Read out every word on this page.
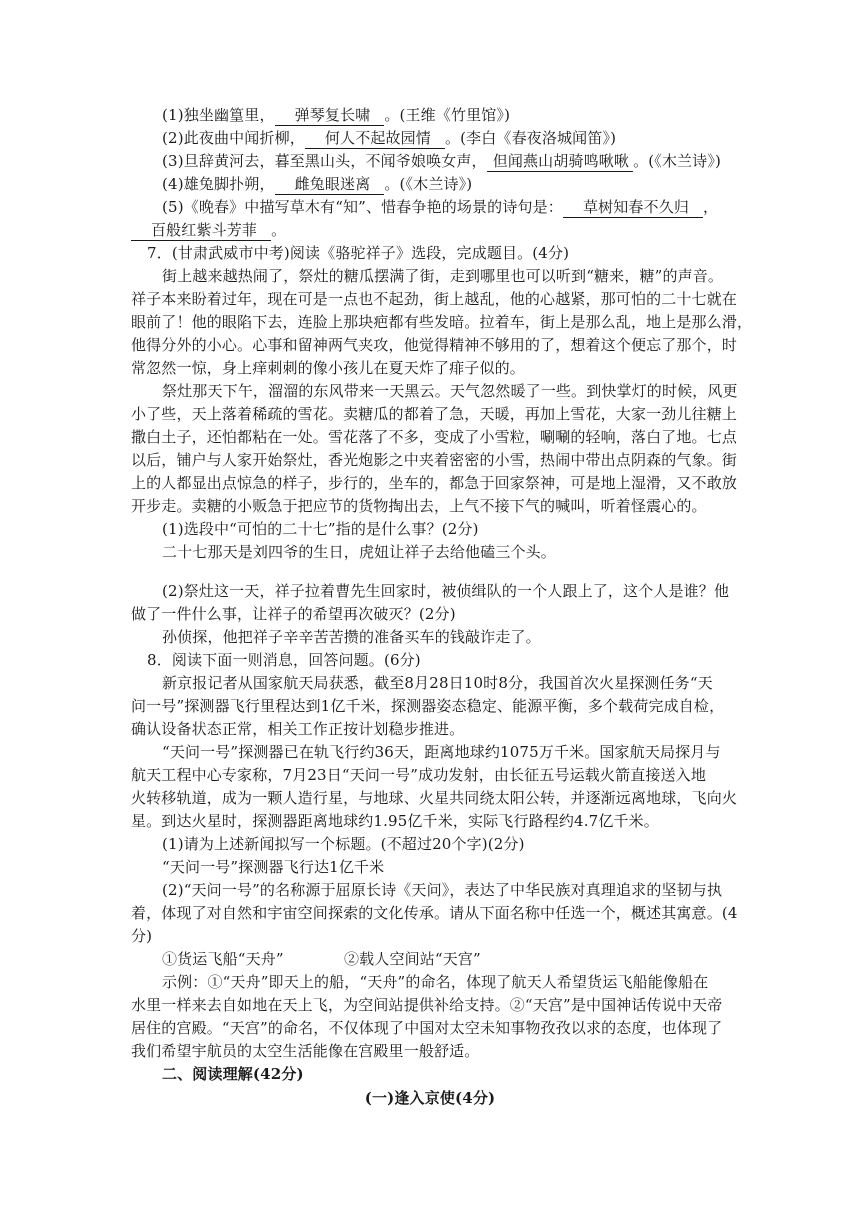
(1)独坐幽篁里， 弹琴复长啸 。(王维《竹里馆》)
(2)此夜曲中闻折柳， 何人不起故园情 。(李白《春夜洛城闻笛》)
(3)旦辞黄河去，暮至黑山头，不闻爷娘唤女声， 但闻燕山胡骑鸣啾啾 。(《木兰诗》)
(4)雄兔脚扑朔， 雌兔眼迷离 。(《木兰诗》)
(5)《晚春》中描写草木有“知”、惜春争艳的场景的诗句是： 草树知春不久归 ，
百般红紫斗芳菲 。
7．(甘肃武威市中考)阅读《骆驼祥子》选段，完成题目。(4分)
街上越来越热闹了，祭灶的糖瓜摆满了街，走到哪里也可以听到“糖来，糖”的声音。
祥子本来盼着过年，现在可是一点也不起劲，街上越乱，他的心越紧，那可怕的二十七就在
眼前了！他的眼陷下去，连脸上那块疤都有些发暗。拉着车，街上是那么乱，地上是那么滑，
他得分外的小心。心事和留神两气夹攻，他觉得精神不够用的了，想着这个便忘了那个，时
常忽然一惊，身上痒刺刺的像小孩儿在夏天炸了痱子似的。
祭灶那天下午，溜溜的东风带来一天黑云。天气忽然暖了一些。到快掌灯的时候，风更
小了些，天上落着稀疏的雪花。卖糖瓜的都着了急，天暖，再加上雪花，大家一劲儿往糖上
撒白土子，还怕都粘在一处。雪花落了不多，变成了小雪粒，唰唰的轻响，落白了地。七点
以后，铺户与人家开始祭灶，香光炮影之中夹着密密的小雪，热闹中带出点阴森的气象。街
上的人都显出点惊急的样子，步行的，坐车的，都急于回家祭神，可是地上湿滑，又不敢放
开步走。卖糖的小贩急于把应节的货物掏出去，上气不接下气的喊叫，听着怪震心的。
(1)选段中“可怕的二十七”指的是什么事？(2分)
二十七那天是刘四爷的生日，虎妞让祥子去给他磕三个头。
(2)祭灶这一天，祥子拉着曹先生回家时，被侦缉队的一个人跟上了，这个人是谁？他
做了一件什么事，让祥子的希望再次破灭？(2分)
孙侦探，他把祥子辛辛苦苦攒的准备买车的钱敲诈走了。
8．阅读下面一则消息，回答问题。(6分)
新京报记者从国家航天局获悉，截至8月28日10时8分，我国首次火星探测任务“天
问一号”探测器飞行里程达到1亿千米，探测器姿态稳定、能源平衡，多个载荷完成自检，
确认设备状态正常，相关工作正按计划稳步推进。
“天问一号”探测器已在轨飞行约36天，距离地球约1075万千米。国家航天局探月与
航天工程中心专家称，7月23日“天问一号”成功发射，由长征五号运载火箭直接送入地
火转移轨道，成为一颗人造行星，与地球、火星共同绕太阳公转，并逐渐远离地球，飞向火
星。到达火星时，探测器距离地球约1.95亿千米，实际飞行路程约4.7亿千米。
(1)请为上述新闻拟写一个标题。(不超过20个字)(2分)
“天问一号”探测器飞行达1亿千米
(2)“天问一号”的名称源于屈原长诗《天问》，表达了中华民族对真理追求的坚韧与执
着，体现了对自然和宇宙空间探索的文化传承。请从下面名称中任选一个，概述其寓意。(4
分)
①货运飞船“天舟”	②载人空间站“天宫”
示例：①“天舟”即天上的船，“天舟”的命名，体现了航天人希望货运飞船能像船在
水里一样来去自如地在天上飞，为空间站提供补给支持。②“天宫”是中国神话传说中天帝
居住的宫殿。“天宫”的命名，不仅体现了中国对太空未知事物孜孜以求的态度，也体现了
我们希望宇航员的太空生活能像在宫殿里一般舒适。
二、阅读理解(42分)
(一)逢入京使(4分)
